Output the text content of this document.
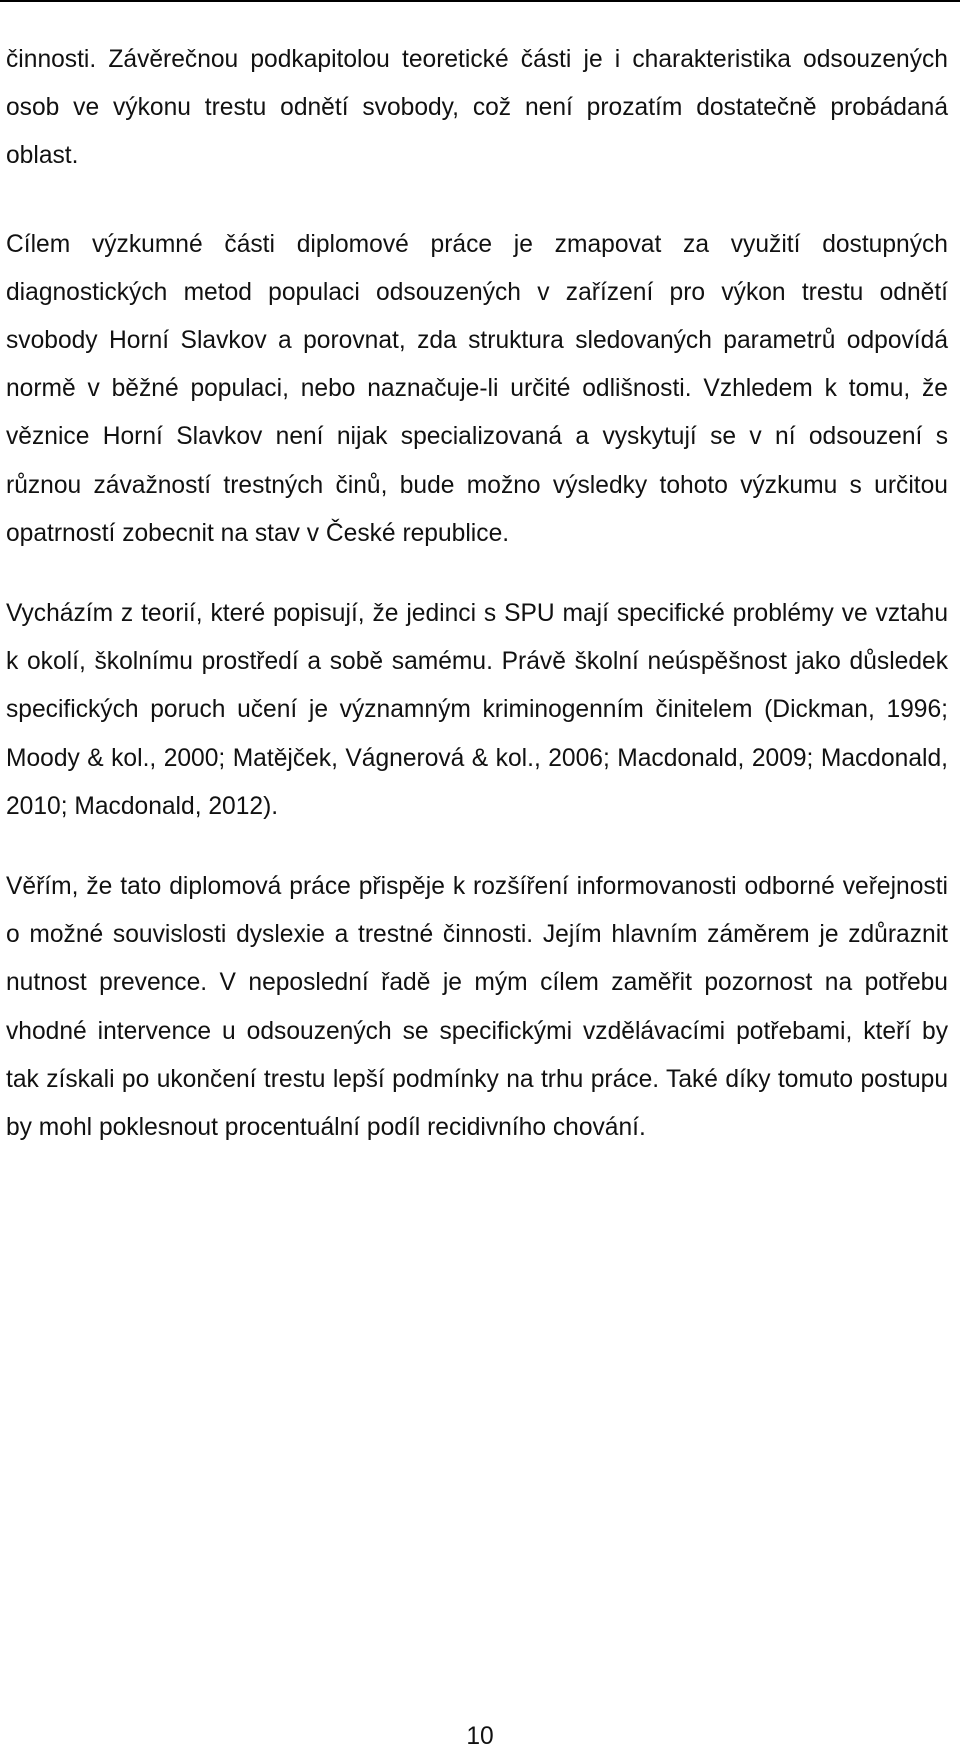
činnosti. Závěrečnou podkapitolou teoretické části je i charakteristika odsouzených osob ve výkonu trestu odnětí svobody, což není prozatím dostatečně probádaná oblast.

Cílem výzkumné části diplomové práce je zmapovat za využití dostupných diagnostických metod populaci odsouzených v zařízení pro výkon trestu odnětí svobody Horní Slavkov a porovnat, zda struktura sledovaných parametrů odpovídá normě v běžné populaci, nebo naznačuje-li určité odlišnosti. Vzhledem k tomu, že věznice Horní Slavkov není nijak specializovaná a vyskytují se v ní odsouzení s různou závažností trestných činů, bude možno výsledky tohoto výzkumu s určitou opatrností zobecnit na stav v České republice.

Vycházím z teorií, které popisují, že jedinci s SPU mají specifické problémy ve vztahu k okolí, školnímu prostředí a sobě samému. Právě školní neúspěšnost jako důsledek specifických poruch učení je významným kriminogenním činitelem (Dickman, 1996; Moody & kol., 2000; Matějček, Vágnerová & kol., 2006; Macdonald, 2009; Macdonald, 2010; Macdonald, 2012).

Věřím, že tato diplomová práce přispěje k rozšíření informovanosti odborné veřejnosti o možné souvislosti dyslexie a trestné činnosti. Jejím hlavním záměrem je zdůraznit nutnost prevence. V neposlední řadě je mým cílem zaměřit pozornost na potřebu vhodné intervence u odsouzených se specifickými vzdělávacími potřebami, kteří by tak získali po ukončení trestu lepší podmínky na trhu práce. Také díky tomuto postupu by mohl poklesnout procentuální podíl recidivního chování.

10
